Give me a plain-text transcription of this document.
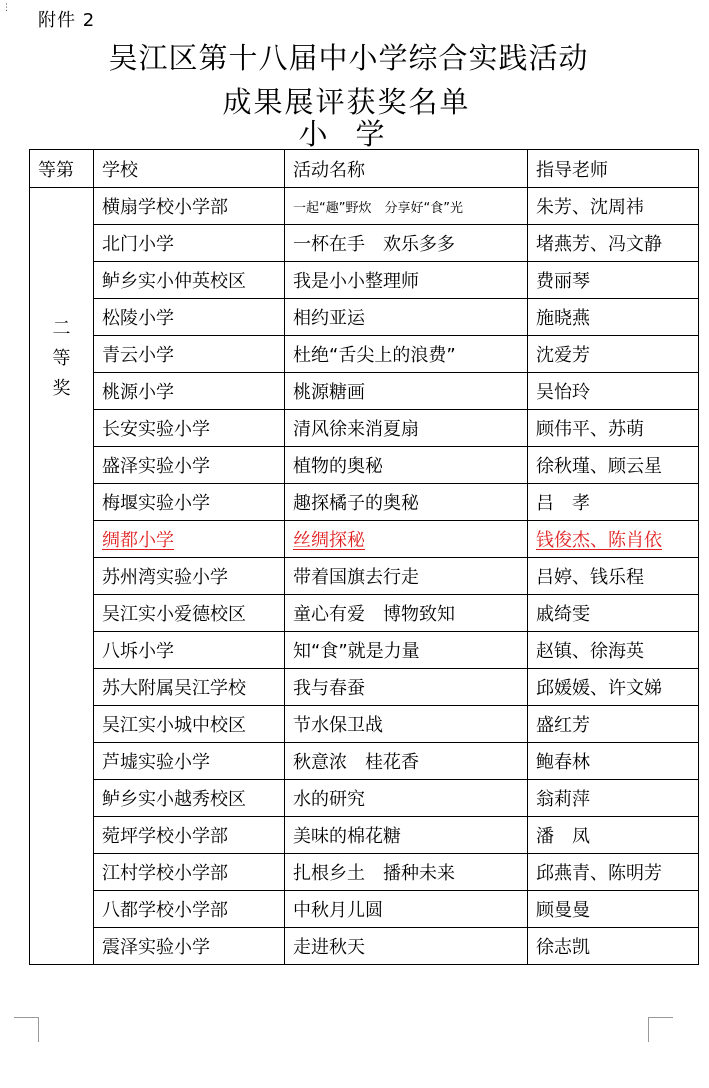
⋮
附件 2
吴江区第十八届中小学综合实践活动
成果展评获奖名单
小 学
等第	学校	活动名称	指导老师

二
等
奖	横扇学校小学部	一起“趣”野炊　分享好“食”光	朱芳、沈周祎
	北门小学	一杯在手　欢乐多多	堵燕芳、冯文静
	鲈乡实小仲英校区	我是小小整理师	费丽琴
	松陵小学	相约亚运	施晓燕
	青云小学	杜绝“舌尖上的浪费”	沈爱芳
	桃源小学	桃源糖画	吴怡玲
	长安实验小学	清风徐来消夏扇	顾伟平、苏萌
	盛泽实验小学	植物的奥秘	徐秋瑾、顾云星
	梅堰实验小学	趣探橘子的奥秘	吕　孝
	绸都小学	丝绸探秘	钱俊杰、陈肖依
	苏州湾实验小学	带着国旗去行走	吕婷、钱乐程
	吴江实小爱德校区	童心有爱　博物致知	戚绮雯
	八坼小学	知“食”就是力量	赵镇、徐海英
	苏大附属吴江学校	我与春蚕	邱媛媛、许文娣
	吴江实小城中校区	节水保卫战	盛红芳
	芦墟实验小学	秋意浓　桂花香	鲍春林
	鲈乡实小越秀校区	水的研究	翁莉萍
	菀坪学校小学部	美味的棉花糖	潘　凤
	江村学校小学部	扎根乡土　播种未来	邱燕青、陈明芳
	八都学校小学部	中秋月儿圆	顾曼曼
	震泽实验小学	走进秋天	徐志凯
